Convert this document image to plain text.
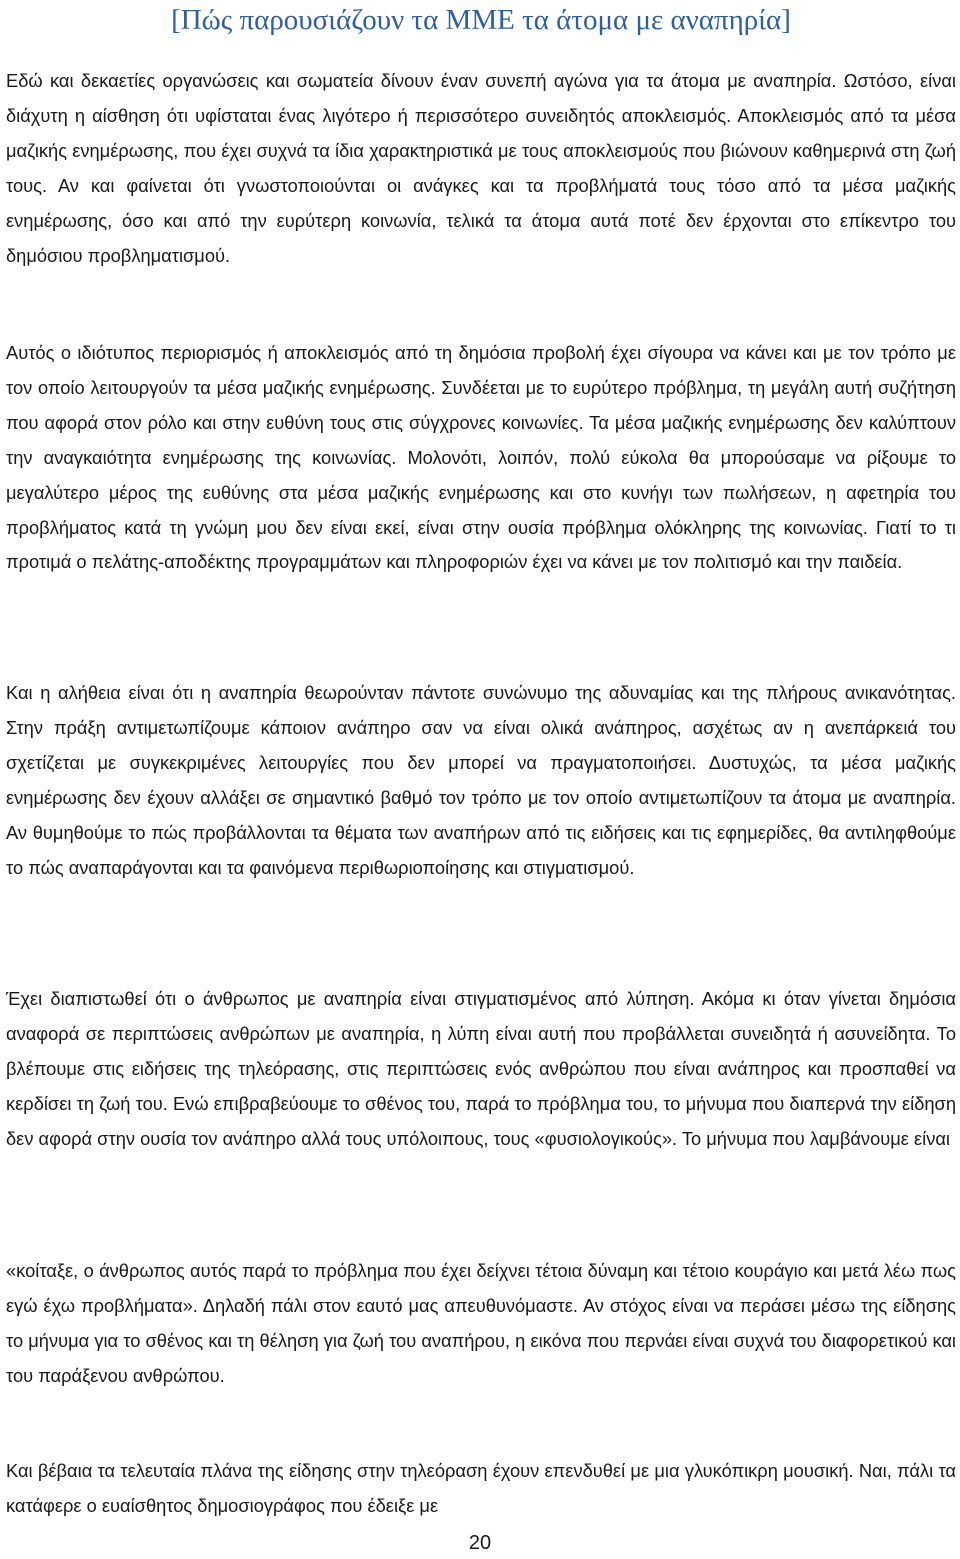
[Πώς παρουσιάζουν τα ΜΜΕ τα άτομα με αναπηρία]

Εδώ και δεκαετίες οργανώσεις και σωματεία δίνουν έναν συνεπή αγώνα για τα άτομα με αναπηρία. Ωστόσο, είναι διάχυτη η αίσθηση ότι υφίσταται ένας λιγότερο ή περισσότερο συνειδητός αποκλεισμός. Αποκλεισμός από τα μέσα μαζικής ενημέρωσης, που έχει συχνά τα ίδια χαρακτηριστικά με τους αποκλεισμούς που βιώνουν καθημερινά στη ζωή τους. Αν και φαίνεται ότι γνωστοποιούνται οι ανάγκες και τα προβλήματά τους τόσο από τα μέσα μαζικής ενημέρωσης, όσο και από την ευρύτερη κοινωνία, τελικά τα άτομα αυτά ποτέ δεν έρχονται στο επίκεντρο του δημόσιου προβληματισμού.

Αυτός ο ιδιότυπος περιορισμός ή αποκλεισμός από τη δημόσια προβολή έχει σίγουρα να κάνει και με τον τρόπο με τον οποίο λειτουργούν τα μέσα μαζικής ενημέρωσης. Συνδέεται με το ευρύτερο πρόβλημα, τη μεγάλη αυτή συζήτηση που αφορά στον ρόλο και στην ευθύνη τους στις σύγχρονες κοινωνίες. Τα μέσα μαζικής ενημέρωσης δεν καλύπτουν την αναγκαιότητα ενημέρωσης της κοινωνίας. Μολονότι, λοιπόν, πολύ εύκολα θα μπορούσαμε να ρίξουμε το μεγαλύτερο μέρος της ευθύνης στα μέσα μαζικής ενημέρωσης και στο κυνήγι των πωλήσεων, η αφετηρία του προβλήματος κατά τη γνώμη μου δεν είναι εκεί, είναι στην ουσία πρόβλημα ολόκληρης της κοινωνίας. Γιατί το τι προτιμά ο πελάτης-αποδέκτης προγραμμάτων και πληροφοριών έχει να κάνει με τον πολιτισμό και την παιδεία.

Και η αλήθεια είναι ότι η αναπηρία θεωρούνταν πάντοτε συνώνυμο της αδυναμίας και της πλήρους ανικανότητας. Στην πράξη αντιμετωπίζουμε κάποιον ανάπηρο σαν να είναι ολικά ανάπηρος, ασχέτως αν η ανεπάρκειά του σχετίζεται με συγκεκριμένες λειτουργίες που δεν μπορεί να πραγματοποιήσει. Δυστυχώς, τα μέσα μαζικής ενημέρωσης δεν έχουν αλλάξει σε σημαντικό βαθμό τον τρόπο με τον οποίο αντιμετωπίζουν τα άτομα με αναπηρία. Αν θυμηθούμε το πώς προβάλλονται τα θέματα των αναπήρων από τις ειδήσεις και τις εφημερίδες, θα αντιληφθούμε το πώς αναπαράγονται και τα φαινόμενα περιθωριοποίησης και στιγματισμού.

Έχει διαπιστωθεί ότι ο άνθρωπος με αναπηρία είναι στιγματισμένος από λύπηση. Ακόμα κι όταν γίνεται δημόσια αναφορά σε περιπτώσεις ανθρώπων με αναπηρία, η λύπη είναι αυτή που προβάλλεται συνειδητά ή ασυνείδητα. Το βλέπουμε στις ειδήσεις της τηλεόρασης, στις περιπτώσεις ενός ανθρώπου που είναι ανάπηρος και προσπαθεί να κερδίσει τη ζωή του. Ενώ επιβραβεύουμε το σθένος του, παρά το πρόβλημα του, το μήνυμα που διαπερνά την είδηση δεν αφορά στην ουσία τον ανάπηρο αλλά τους υπόλοιπους, τους «φυσιολογικούς». Το μήνυμα που λαμβάνουμε είναι

«κοίταξε, ο άνθρωπος αυτός παρά το πρόβλημα που έχει δείχνει τέτοια δύναμη και τέτοιο κουράγιο και μετά λέω πως εγώ έχω προβλήματα». Δηλαδή πάλι στον εαυτό μας απευθυνόμαστε. Αν στόχος είναι να περάσει μέσω της είδησης το μήνυμα για το σθένος και τη θέληση για ζωή του αναπήρου, η εικόνα που περνάει είναι συχνά του διαφορετικού και του παράξενου ανθρώπου.

Και βέβαια τα τελευταία πλάνα της είδησης στην τηλεόραση έχουν επενδυθεί με μια γλυκόπικρη μουσική. Ναι, πάλι τα κατάφερε ο ευαίσθητος δημοσιογράφος που έδειξε με

20
